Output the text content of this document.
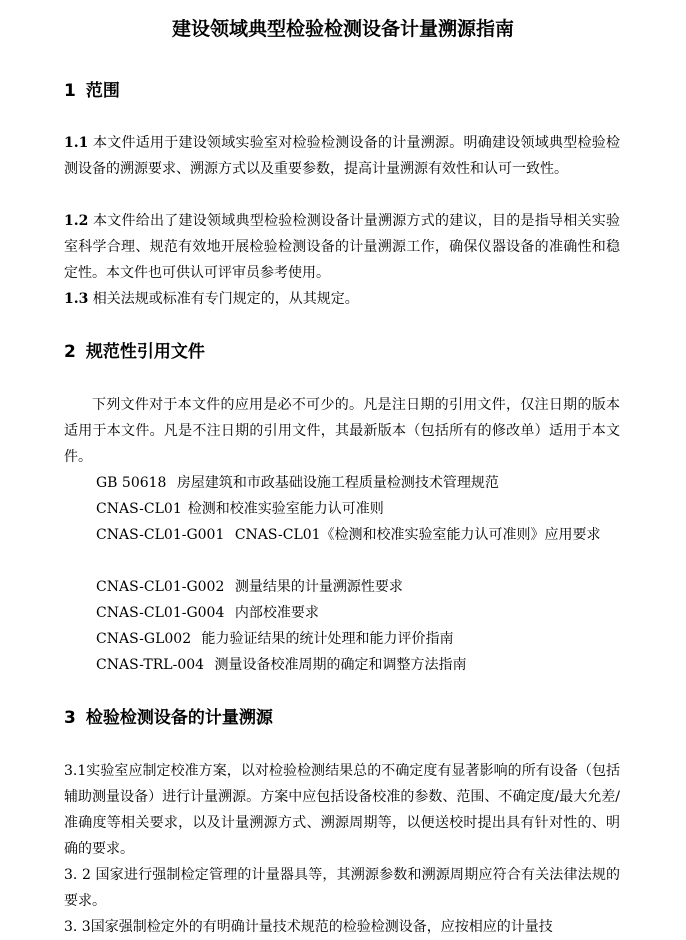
建设领域典型检验检测设备计量溯源指南
1 范围
1.1 本文件适用于建设领域实验室对检验检测设备的计量溯源。明确建设领域典型检验检测设备的溯源要求、溯源方式以及重要参数，提高计量溯源有效性和认可一致性。
1.2 本文件给出了建设领域典型检验检测设备计量溯源方式的建议，目的是指导相关实验室科学合理、规范有效地开展检验检测设备的计量溯源工作，确保仪器设备的准确性和稳定性。本文件也可供认可评审员参考使用。
1.3 相关法规或标准有专门规定的，从其规定。
2 规范性引用文件
下列文件对于本文件的应用是必不可少的。凡是注日期的引用文件，仅注日期的版本适用于本文件。凡是不注日期的引用文件，其最新版本（包括所有的修改单）适用于本文件。
GB 50618 房屋建筑和市政基础设施工程质量检测技术管理规范
CNAS-CL01 检测和校准实验室能力认可准则
CNAS-CL01-G001 CNAS-CL01《检测和校准实验室能力认可准则》应用要求
CNAS-CL01-G002 测量结果的计量溯源性要求
CNAS-CL01-G004 内部校准要求
CNAS-GL002 能力验证结果的统计处理和能力评价指南
CNAS-TRL-004 测量设备校准周期的确定和调整方法指南
3 检验检测设备的计量溯源
3.1实验室应制定校准方案，以对检验检测结果总的不确定度有显著影响的所有设备（包括辅助测量设备）进行计量溯源。方案中应包括设备校准的参数、范围、不确定度/最大允差/准确度等相关要求，以及计量溯源方式、溯源周期等，以便送校时提出具有针对性的、明确的要求。
3. 2 国家进行强制检定管理的计量器具等，其溯源参数和溯源周期应符合有关法律法规的要求。
3. 3国家强制检定外的有明确计量技术规范的检验检测设备，应按相应的计量技
